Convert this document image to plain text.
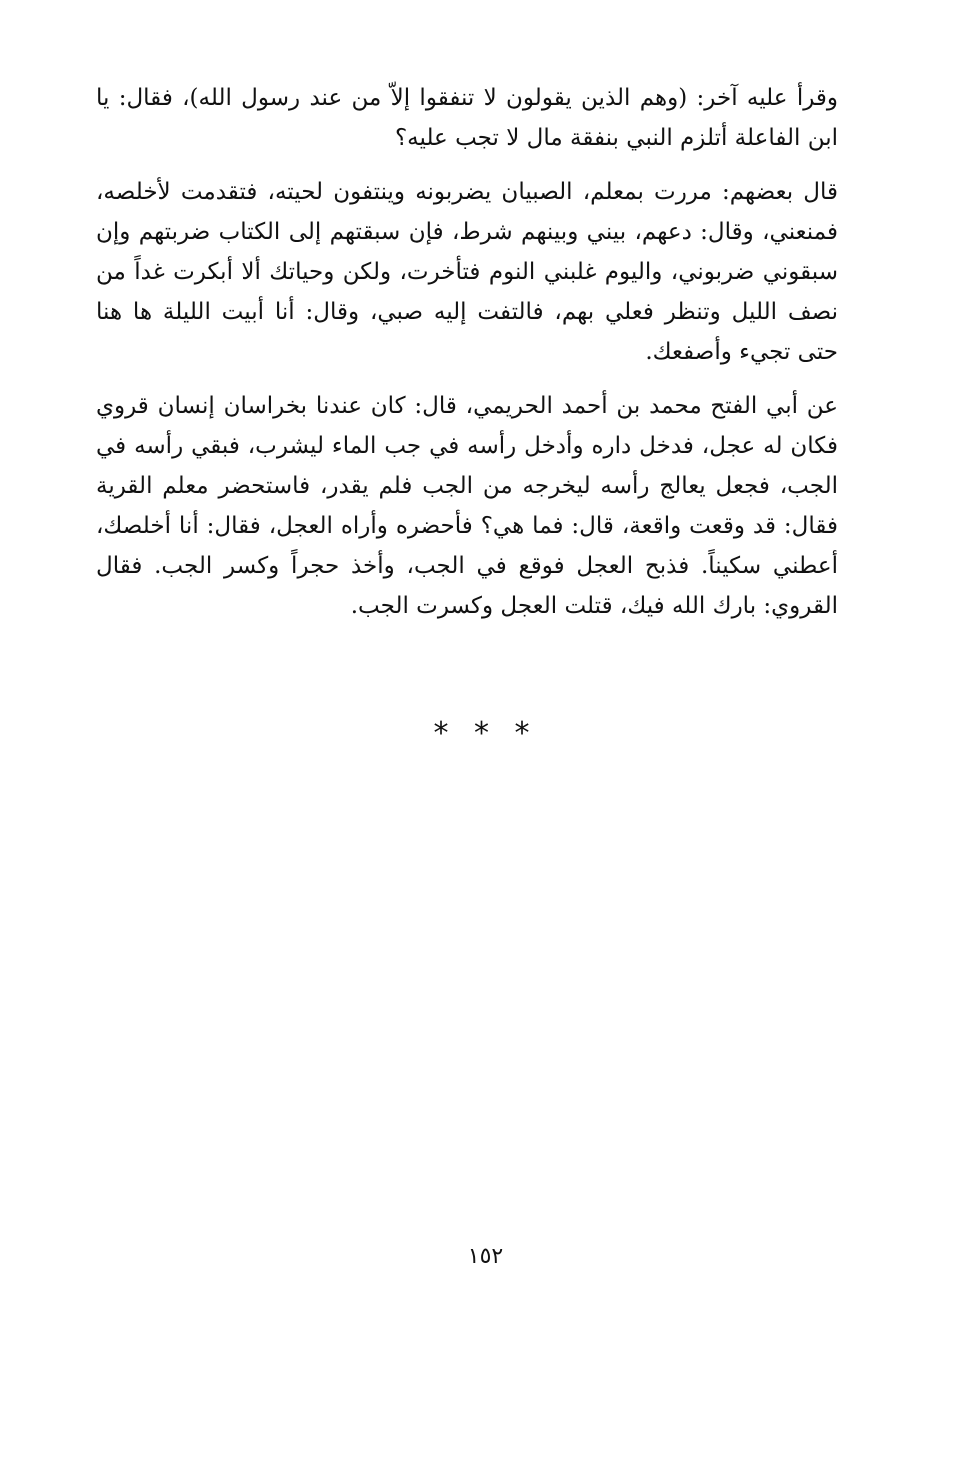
وقرأ عليه آخر: (وهم الذين يقولون لا تنفقوا إلاّ من عند رسول الله)، فقال: يا ابن الفاعلة أتلزم النبي بنفقة مال لا تجب عليه؟

قال بعضهم: مررت بمعلم، الصبيان يضربونه وينتفون لحيته، فتقدمت لأخلصه، فمنعني، وقال: دعهم، بيني وبينهم شرط، فإن سبقتهم إلى الكتاب ضربتهم وإن سبقوني ضربوني، واليوم غلبني النوم فتأخرت، ولكن وحياتك ألا أبكرت غداً من نصف الليل وتنظر فعلي بهم، فالتفت إليه صبي، وقال: أنا أبيت الليلة ها هنا حتى تجيء وأصفعك.

عن أبي الفتح محمد بن أحمد الحريمي، قال: كان عندنا بخراسان إنسان قروي فكان له عجل، فدخل داره وأدخل رأسه في جب الماء ليشرب، فبقي رأسه في الجب، فجعل يعالج رأسه ليخرجه من الجب فلم يقدر، فاستحضر معلم القرية فقال: قد وقعت واقعة، قال: فما هي؟ فأحضره وأراه العجل، فقال: أنا أخلصك، أعطني سكيناً. فذبح العجل فوقع في الجب، وأخذ حجراً وكسر الجب. فقال القروي: بارك الله فيك، قتلت العجل وكسرت الجب.

* * *
١٥٢
